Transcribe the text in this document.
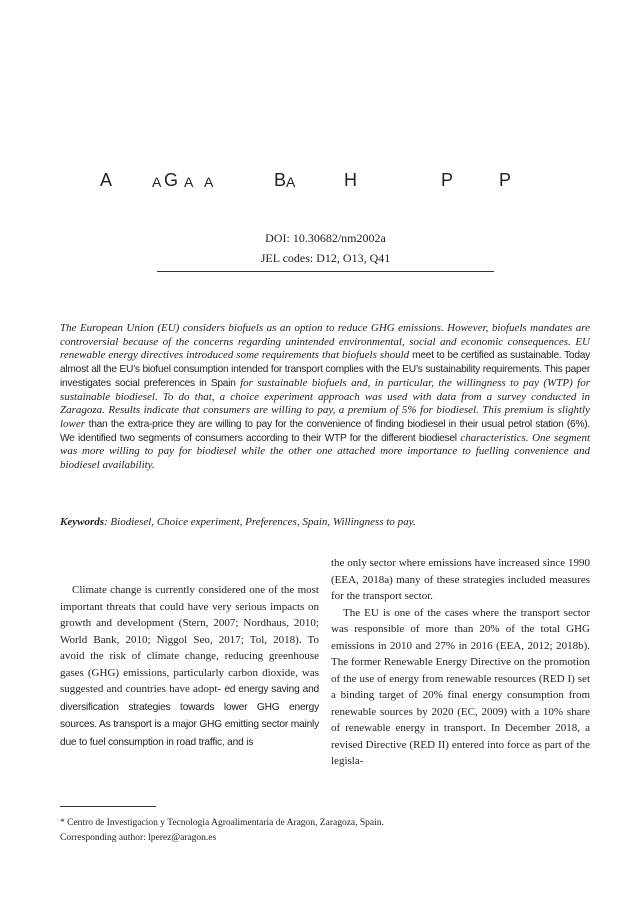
A	A G A A	B A	H	P	P
DOI: 10.30682/nm2002a
JEL codes: D12, O13, Q41

The European Union (EU) considers biofuels as an option to reduce GHG emissions. However, biofuels mandates are controversial because of the concerns regarding unintended environmental, social and economic consequences. EU renewable energy directives introduced some requirements that biofuels should meet to be certified as sustainable. Today almost all the EU’s biofuel consumption intended for transport complies with the EU’s sustainability requirements. This paper investigates social preferences in Spain for sustainable biofuels and, in particular, the willingness to pay (WTP) for sustainable biodiesel. To do that, a choice experiment approach was used with data from a survey conducted in Zaragoza. Results indicate that consumers are willing to pay, a premium of 5% for biodiesel. This premium is slightly lower than the extra-price they are willing to pay for the convenience of finding biodiesel in their usual petrol station (6%). We identified two segments of consumers according to their WTP for the different biodiesel characteristics. One segment was more willing to pay for biodiesel while the other one attached more importance to fuelling convenience and biodiesel availability.

Keywords: Biodiesel, Choice experiment, Preferences, Spain, Willingness to pay.

Climate change is currently considered one of the most important threats that could have very serious impacts on growth and development (Stern, 2007; Nordhaus, 2010; World Bank, 2010; Niggol Seo, 2017; Tol, 2018). To avoid the risk of climate change, reducing greenhouse gases (GHG) emissions, particularly carbon dioxide, was suggested and countries have adopt- ed energy saving and diversification strategies towards lower GHG energy sources. As transport is a major GHG emitting sector mainly due to fuel consumption in road traffic, and is

the only sector where emissions have increased since 1990 (EEA, 2018a) many of these strategies included measures for the transport sector.

The EU is one of the cases where the transport sector was responsible of more than 20% of the total GHG emissions in 2010 and 27% in 2016 (EEA, 2012; 2018b). The former Renewable Energy Directive on the promotion of the use of energy from renewable resources (RED I) set a binding target of 20% final energy consumption from renewable sources by 2020 (EC, 2009) with a 10% share of renewable energy in transport. In December 2018, a revised Directive (RED II) entered into force as part of the legisla-

* Centro de Investigacion y Tecnologia Agroalimentaria de Aragon, Zaragoza, Spain.
Corresponding author: lperez@aragon.es
